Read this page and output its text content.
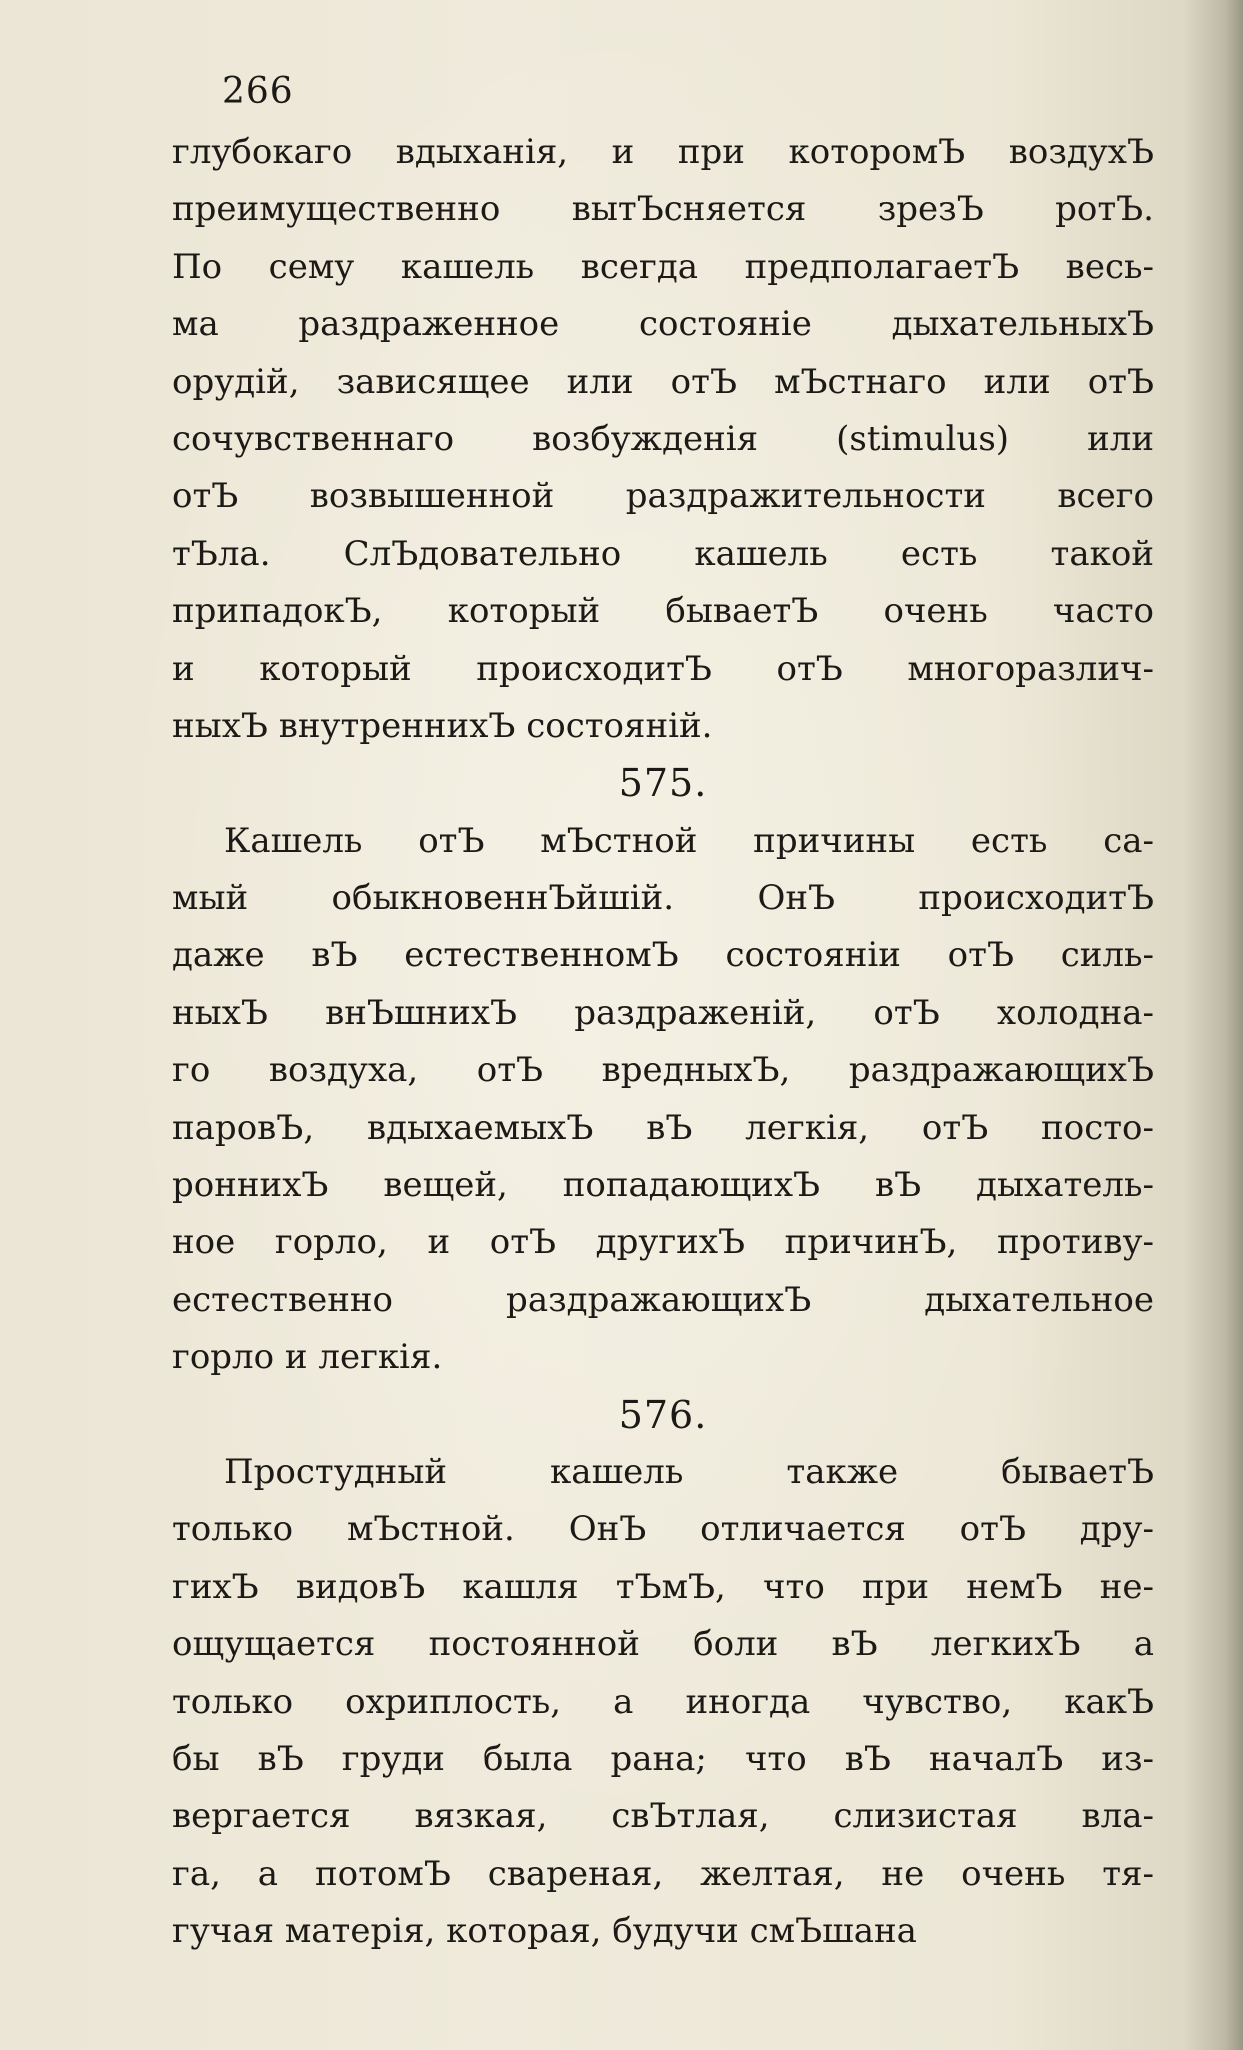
266
глубокаго вдыханія, и при которомЪ воздухЪ
преимущественно вытЪсняется зрезЪ ротЪ.
По сему кашель всегда предполагаетЪ весь-
ма раздраженное состояніе дыхательныхЪ
орудій, зависящее или отЪ мЪстнаго или отЪ
сочувственнаго возбужденія (stimulus) или
отЪ возвышенной раздражительности всего
тЪла. СлЪдовательно кашель есть такой
припадокЪ, который бываетЪ очень часто
и который происходитЪ отЪ многоразлич-
ныхЪ внутреннихЪ состояній.
575.
Кашель отЪ мЪстной причины есть са-
мый обыкновеннЪйшій. ОнЪ происходитЪ
даже вЪ естественномЪ состояніи отЪ силь-
ныхЪ внЪшнихЪ раздраженій, отЪ холодна-
го воздуха, отЪ вредныхЪ, раздражающихЪ
паровЪ, вдыхаемыхЪ вЪ легкія, отЪ посто-
роннихЪ вещей, попадающихЪ вЪ дыхатель-
ное горло, и отЪ другихЪ причинЪ, противу-
естественно раздражающихЪ дыхательное
горло и легкія.
576.
Простудный кашель также бываетЪ
только мЪстной. ОнЪ отличается отЪ дру-
гихЪ видовЪ кашля тЪмЪ, что при немЪ не-
ощущается постоянной боли вЪ легкихЪ а
только охриплость, а иногда чувство, какЪ
бы вЪ груди была рана; что вЪ началЪ из-
вергается вязкая, свЪтлая, слизистая вла-
га, а потомЪ свареная, желтая, не очень тя-
гучая матерія, которая, будучи смЪшана
